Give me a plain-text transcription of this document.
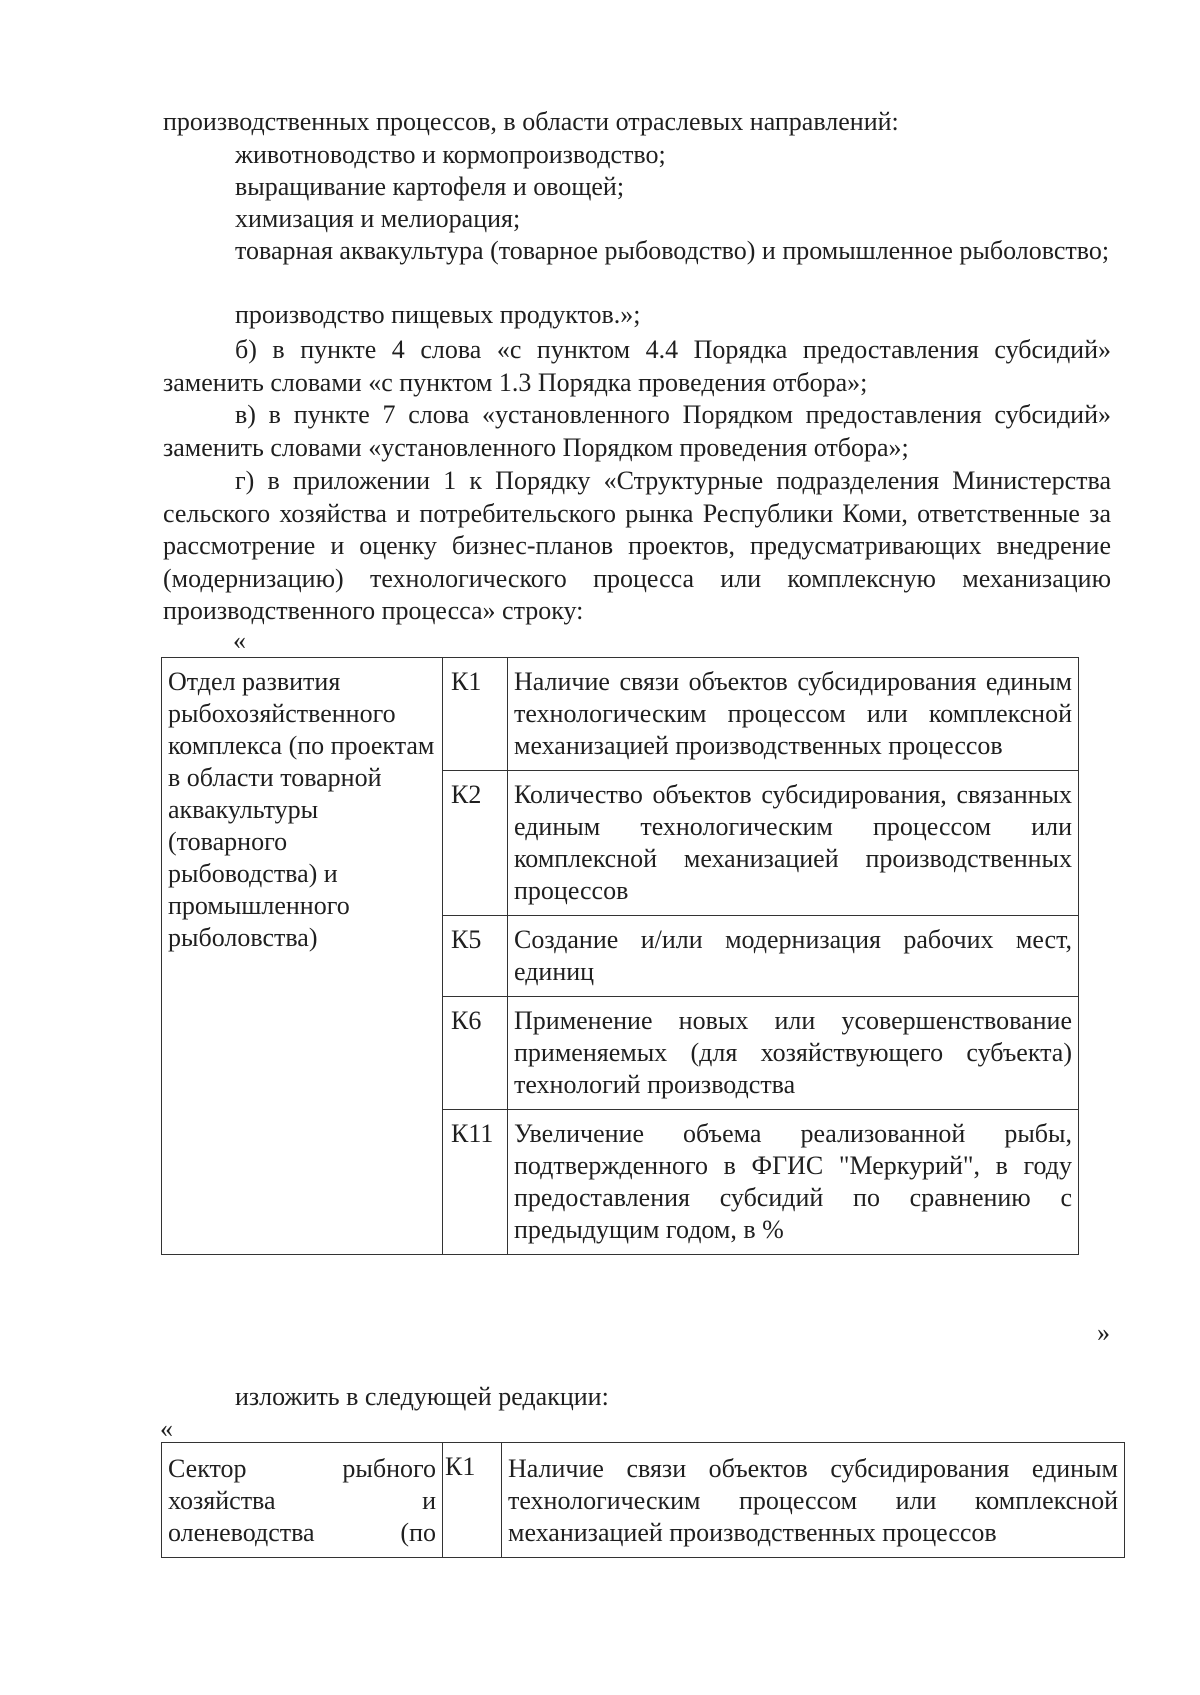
производственных процессов, в области отраслевых направлений:

животноводство и кормопроизводство;

выращивание картофеля и овощей;

химизация и мелиорация;

товарная аквакультура (товарное рыбоводство) и промышленное рыболовство;

производство пищевых продуктов.»;

б) в пункте 4 слова «с пунктом 4.4 Порядка предоставления субсидий» заменить словами «с пунктом 1.3 Порядка проведения отбора»;

в) в пункте 7 слова «установленного Порядком предоставления субсидий» заменить словами «установленного Порядком проведения отбора»;

г) в приложении 1 к Порядку «Структурные подразделения Министерства сельского хозяйства и потребительского рынка Республики Коми, ответственные за рассмотрение и оценку бизнес-планов проектов, предусматривающих внедрение (модернизацию) технологического процесса или комплексную механизацию производственного процесса» строку:

«
Отдел развития рыбохозяйственного комплекса (по проектам в области товарной аквакультуры (товарного рыбоводства) и промышленного рыболовства)	К1	Наличие связи объектов субсидирования единым технологическим процессом или комплексной механизацией производственных процессов
	К2	Количество объектов субсидирования, связанных единым технологическим процессом или комплексной механизацией производственных процессов
	К5	Создание и/или модернизация рабочих мест, единиц
	К6	Применение новых или усовершенствование применяемых (для хозяйствующего субъекта) технологий производства
	К11	Увеличение объема реализованной рыбы, подтвержденного в ФГИС "Меркурий", в году предоставления субсидий по сравнению с предыдущим годом, в %
»

изложить в следующей редакции:

«
Сектор рыбного
хозяйства и
оленеводства (по
	К1	Наличие связи объектов субсидирования единым технологическим процессом или комплексной механизацией производственных процессов
